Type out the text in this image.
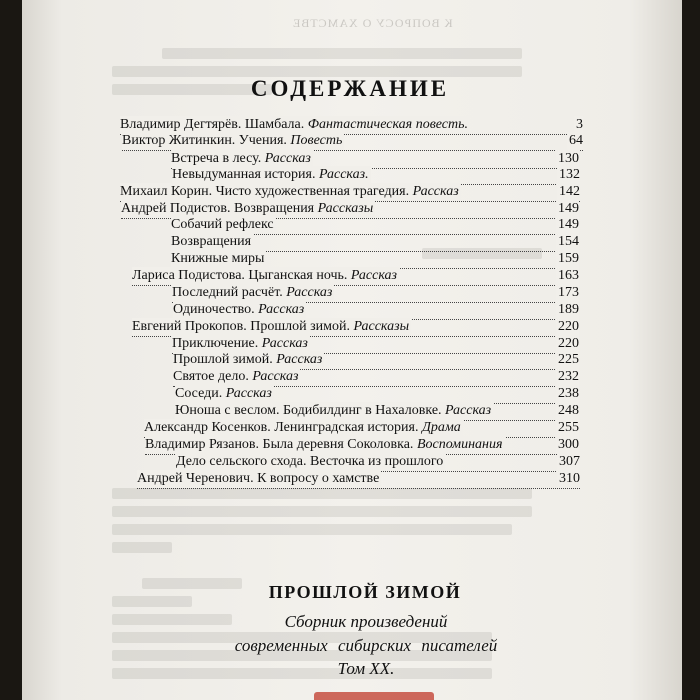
К ВОПРОСУ О ХАМСТВЕ
СОДЕРЖАНИЕ
Владимир Дегтярёв. Шамбала. Фантастическая повесть.	3
Виктор Житинкин. Учения. Повесть	64
Встреча в лесу. Рассказ	130
Невыдуманная история. Рассказ.	132
Михаил Корин. Чисто художественная трагедия. Рассказ	142
Андрей Подистов. Возвращения Рассказы	149
Собачий рефлекс	149
Возвращения	154
Книжные миры	159
Лариса Подистова. Цыганская ночь. Рассказ	163
Последний расчёт. Рассказ	173
Одиночество. Рассказ	189
Евгений Прокопов. Прошлой зимой. Рассказы	220
Приключение. Рассказ	220
Прошлой зимой. Рассказ	225
Святое дело. Рассказ	232
Соседи. Рассказ	238
Юноша с веслом. Бодибилдинг в Нахаловке. Рассказ	248
Александр Косенков. Ленинградская история. Драма	255
Владимир Рязанов. Была деревня Соколовка. Воспоминания	300
Дело сельского схода. Весточка из прошлого	307
Андрей Черенович. К вопросу о хамстве	310
ПРОШЛОЙ ЗИМОЙ
Сборник произведений
современных сибирских писателей
Том XX.
